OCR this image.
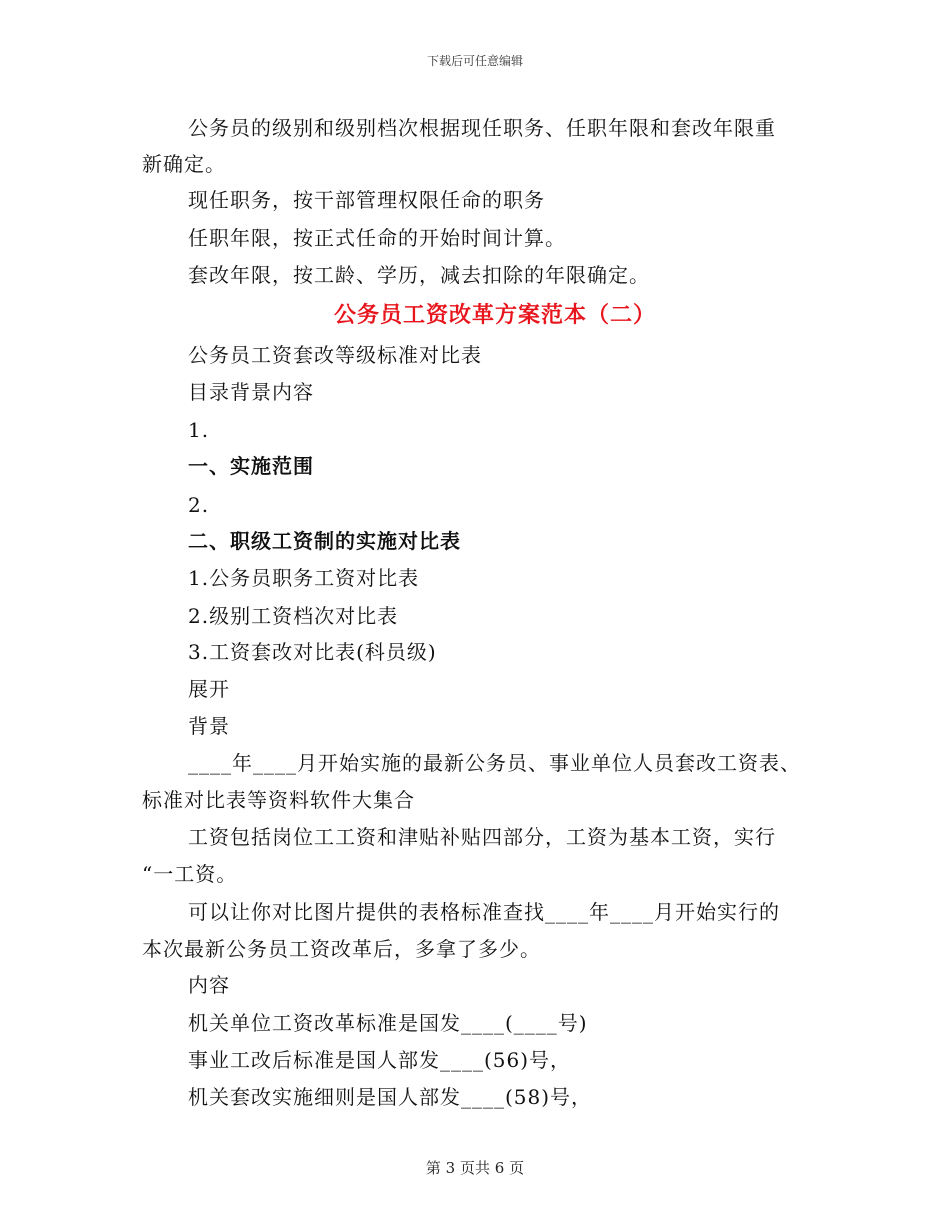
下载后可任意编辑
公务员的级别和级别档次根据现任职务、任职年限和套改年限重
新确定。
现任职务，按干部管理权限任命的职务
任职年限，按正式任命的开始时间计算。
套改年限，按工龄、学历，减去扣除的年限确定。
公务员工资改革方案范本（二）
公务员工资套改等级标准对比表
目录背景内容
1.
一、实施范围
2.
二、职级工资制的实施对比表
1.公务员职务工资对比表
2.级别工资档次对比表
3.工资套改对比表(科员级)
展开
背景
____年____月开始实施的最新公务员、事业单位人员套改工资表、
标准对比表等资料软件大集合
工资包括岗位工工资和津贴补贴四部分，工资为基本工资，实行
“一工资。
可以让你对比图片提供的表格标准查找____年____月开始实行的
本次最新公务员工资改革后，多拿了多少。
内容
机关单位工资改革标准是国发____(____号)
事业工改后标准是国人部发____(56)号，
机关套改实施细则是国人部发____(58)号，
第 3 页共 6 页
